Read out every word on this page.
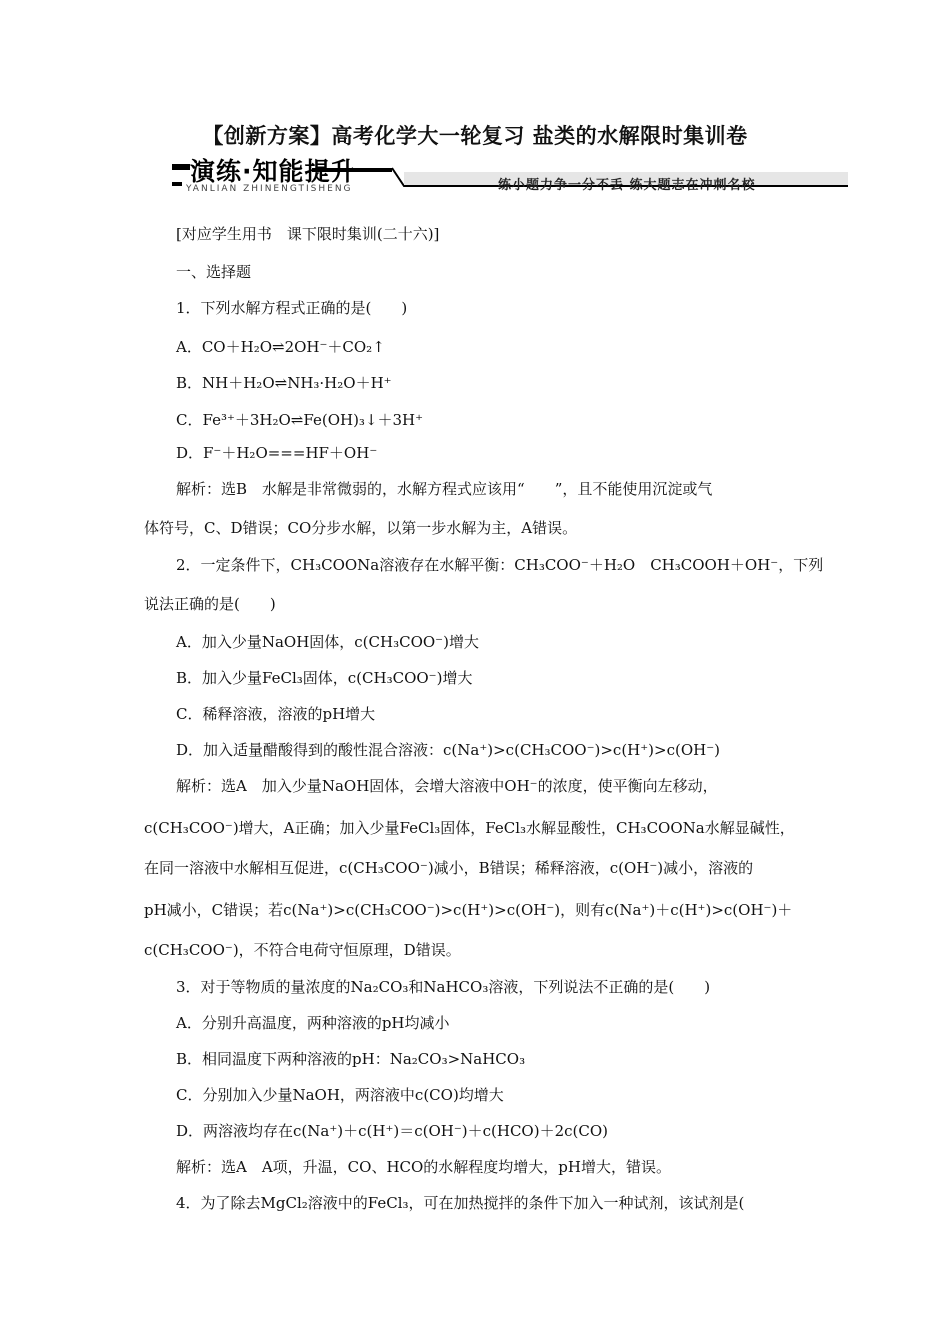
【创新方案】高考化学大一轮复习 盐类的水解限时集训卷
演练·知能提升
YANLIAN ZHINENGTISHENG	练小题力争一分不丢 练大题志在冲刺名校
[对应学生用书　课下限时集训(二十六)]
一、选择题
1．下列水解方程式正确的是(　　)
A．CO＋H₂O⇌2OH⁻＋CO₂↑
B．NH＋H₂O⇌NH₃·H₂O＋H⁺
C．Fe³⁺＋3H₂O⇌Fe(OH)₃↓＋3H⁺
D．F⁻＋H₂O===HF＋OH⁻
解析：选B　水解是非常微弱的，水解方程式应该用“　　”，且不能使用沉淀或气
体符号，C、D错误；CO分步水解，以第一步水解为主，A错误。
2．一定条件下，CH₃COONa溶液存在水解平衡：CH₃COO⁻＋H₂O　CH₃COOH＋OH⁻，下列
说法正确的是(　　)
A．加入少量NaOH固体，c(CH₃COO⁻)增大
B．加入少量FeCl₃固体，c(CH₃COO⁻)增大
C．稀释溶液，溶液的pH增大
D．加入适量醋酸得到的酸性混合溶液：c(Na⁺)>c(CH₃COO⁻)>c(H⁺)>c(OH⁻)
解析：选A　加入少量NaOH固体，会增大溶液中OH⁻的浓度，使平衡向左移动，
c(CH₃COO⁻)增大，A正确；加入少量FeCl₃固体，FeCl₃水解显酸性，CH₃COONa水解显碱性，
在同一溶液中水解相互促进，c(CH₃COO⁻)减小，B错误；稀释溶液，c(OH⁻)减小，溶液的
pH减小，C错误；若c(Na⁺)>c(CH₃COO⁻)>c(H⁺)>c(OH⁻)，则有c(Na⁺)＋c(H⁺)>c(OH⁻)＋
c(CH₃COO⁻)，不符合电荷守恒原理，D错误。
3．对于等物质的量浓度的Na₂CO₃和NaHCO₃溶液，下列说法不正确的是(　　)
A．分别升高温度，两种溶液的pH均减小
B．相同温度下两种溶液的pH：Na₂CO₃>NaHCO₃
C．分别加入少量NaOH，两溶液中c(CO)均增大
D．两溶液均存在c(Na⁺)＋c(H⁺)＝c(OH⁻)＋c(HCO)＋2c(CO)
解析：选A　A项，升温，CO、HCO的水解程度均增大，pH增大，错误。
4．为了除去MgCl₂溶液中的FeCl₃，可在加热搅拌的条件下加入一种试剂，该试剂是(
